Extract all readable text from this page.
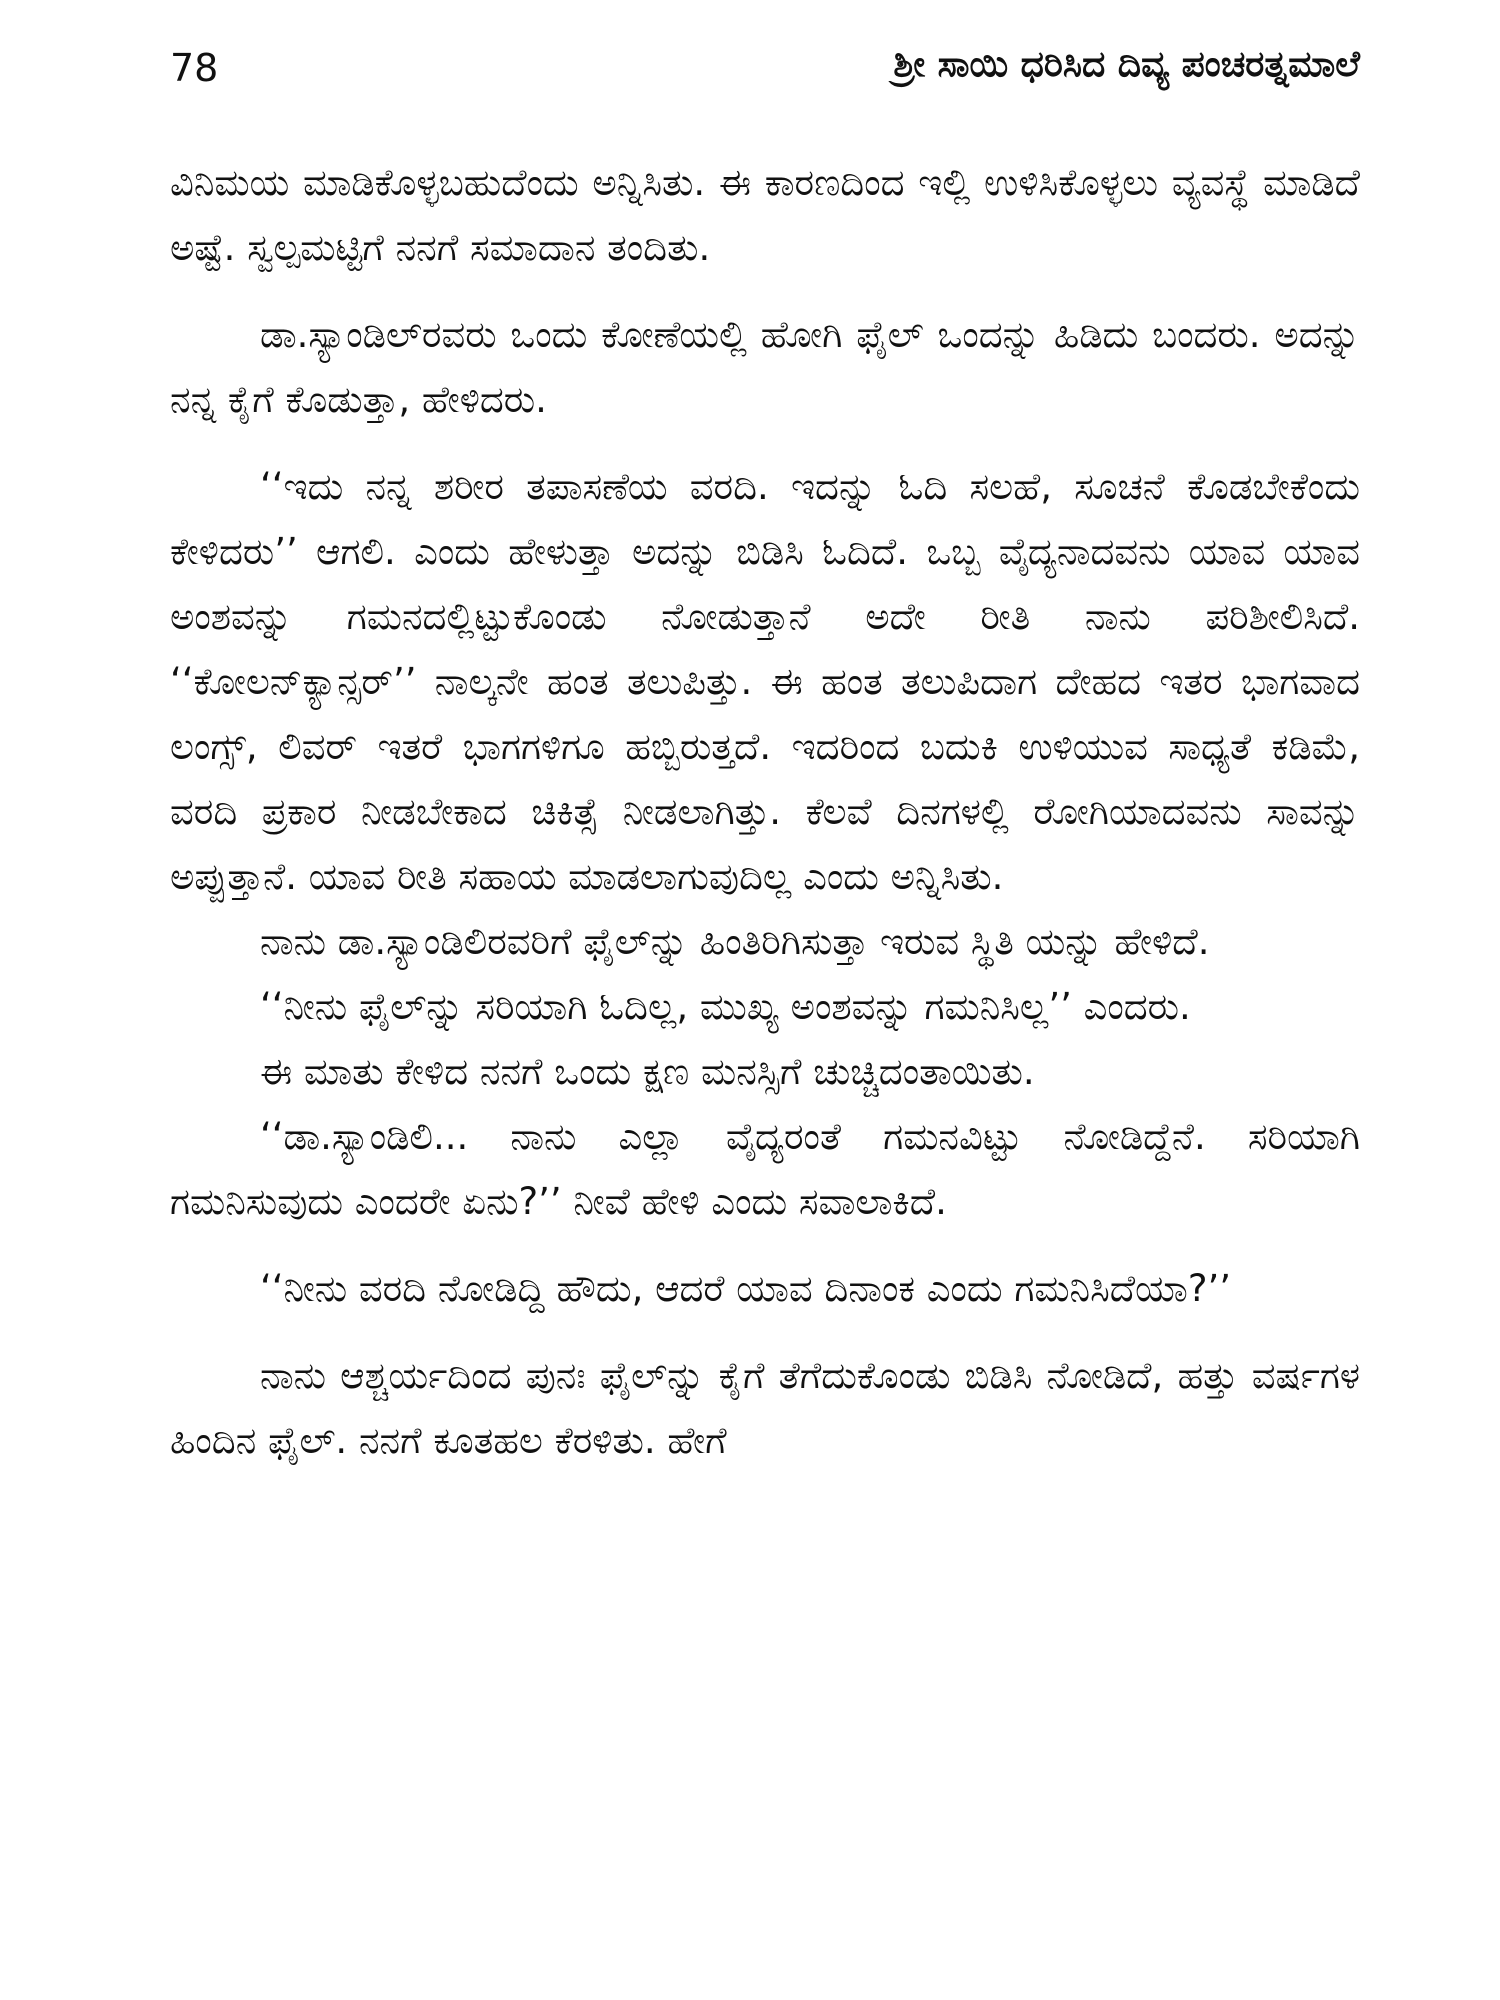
78	ಶ್ರೀ ಸಾಯಿ ಧರಿಸಿದ ದಿವ್ಯ ಪಂಚರತ್ನಮಾಲೆ

ವಿನಿಮಯ ಮಾಡಿಕೊಳ್ಳಬಹುದೆಂದು ಅನ್ನಿಸಿತು. ಈ ಕಾರಣದಿಂದ ಇಲ್ಲಿ ಉಳಿಸಿಕೊಳ್ಳಲು ವ್ಯವಸ್ಥೆ ಮಾಡಿದೆ ಅಷ್ಟೆ. ಸ್ವಲ್ಪಮಟ್ಟಿಗೆ ನನಗೆ ಸಮಾದಾನ ತಂದಿತು.

ಡಾ.ಸ್ಯಾಂಡಿಲ್‌ರವರು ಒಂದು ಕೋಣೆಯಲ್ಲಿ ಹೋಗಿ ಫೈಲ್ ಒಂದನ್ನು ಹಿಡಿದು ಬಂದರು. ಅದನ್ನು ನನ್ನ ಕೈಗೆ ಕೊಡುತ್ತಾ, ಹೇಳಿದರು.

‘‘ಇದು ನನ್ನ ಶರೀರ ತಪಾಸಣೆಯ ವರದಿ. ಇದನ್ನು ಓದಿ ಸಲಹೆ, ಸೂಚನೆ ಕೊಡಬೇಕೆಂದು ಕೇಳಿದರು’’ ಆಗಲಿ. ಎಂದು ಹೇಳುತ್ತಾ ಅದನ್ನು ಬಿಡಿಸಿ ಓದಿದೆ. ಒಬ್ಬ ವೈದ್ಯನಾದವನು ಯಾವ ಯಾವ ಅಂಶವನ್ನು ಗಮನದಲ್ಲಿಟ್ಟುಕೊಂಡು ನೋಡುತ್ತಾನೆ ಅದೇ ರೀತಿ ನಾನು ಪರಿಶೀಲಿಸಿದೆ. ‘‘ಕೋಲನ್‌ಕ್ಯಾನ್ಸರ್’’ ನಾಲ್ಕನೇ ಹಂತ ತಲುಪಿತ್ತು. ಈ ಹಂತ ತಲುಪಿದಾಗ ದೇಹದ ಇತರ ಭಾಗವಾದ ಲಂಗ್ಸ್, ಲಿವರ್ ಇತರೆ ಭಾಗಗಳಿಗೂ ಹಬ್ಬಿರುತ್ತದೆ. ಇದರಿಂದ ಬದುಕಿ ಉಳಿಯುವ ಸಾಧ್ಯತೆ ಕಡಿಮೆ, ವರದಿ ಪ್ರಕಾರ ನೀಡಬೇಕಾದ ಚಿಕಿತ್ಸೆ ನೀಡಲಾಗಿತ್ತು. ಕೆಲವೆ ದಿನಗಳಲ್ಲಿ ರೋಗಿಯಾದವನು ಸಾವನ್ನು ಅಪ್ಪುತ್ತಾನೆ. ಯಾವ ರೀತಿ ಸಹಾಯ ಮಾಡಲಾಗುವುದಿಲ್ಲ ಎಂದು ಅನ್ನಿಸಿತು.

ನಾನು ಡಾ.ಸ್ಯಾಂಡಿಲಿರವರಿಗೆ ಫೈಲ್‌ನ್ನು ಹಿಂತಿರಿಗಿಸುತ್ತಾ ಇರುವ ಸ್ಥಿತಿ ಯನ್ನು ಹೇಳಿದೆ.

‘‘ನೀನು ಫೈಲ್‌ನ್ನು ಸರಿಯಾಗಿ ಓದಿಲ್ಲ, ಮುಖ್ಯ ಅಂಶವನ್ನು ಗಮನಿಸಿಲ್ಲ’’ ಎಂದರು.

ಈ ಮಾತು ಕೇಳಿದ ನನಗೆ ಒಂದು ಕ್ಷಣ ಮನಸ್ಸಿಗೆ ಚುಚ್ಚಿದಂತಾಯಿತು.

‘‘ಡಾ.ಸ್ಯಾಂಡಿಲಿ... ನಾನು ಎಲ್ಲಾ ವೈದ್ಯರಂತೆ ಗಮನವಿಟ್ಟು ನೋಡಿದ್ದೆನೆ. ಸರಿಯಾಗಿ ಗಮನಿಸುವುದು ಎಂದರೇ ಏನು?’’ ನೀವೆ ಹೇಳಿ ಎಂದು ಸವಾಲಾಕಿದೆ.

‘‘ನೀನು ವರದಿ ನೋಡಿದ್ದಿ ಹೌದು, ಆದರೆ ಯಾವ ದಿನಾಂಕ ಎಂದು ಗಮನಿಸಿದೆಯಾ?’’

ನಾನು ಆಶ್ಚರ್ಯದಿಂದ ಪುನಃ ಫೈಲ್‌ನ್ನು ಕೈಗೆ ತೆಗೆದುಕೊಂಡು ಬಿಡಿಸಿ ನೋಡಿದೆ, ಹತ್ತು ವರ್ಷಗಳ ಹಿಂದಿನ ಫೈಲ್. ನನಗೆ ಕೂತಹಲ ಕೆರಳಿತು. ಹೇಗೆ
